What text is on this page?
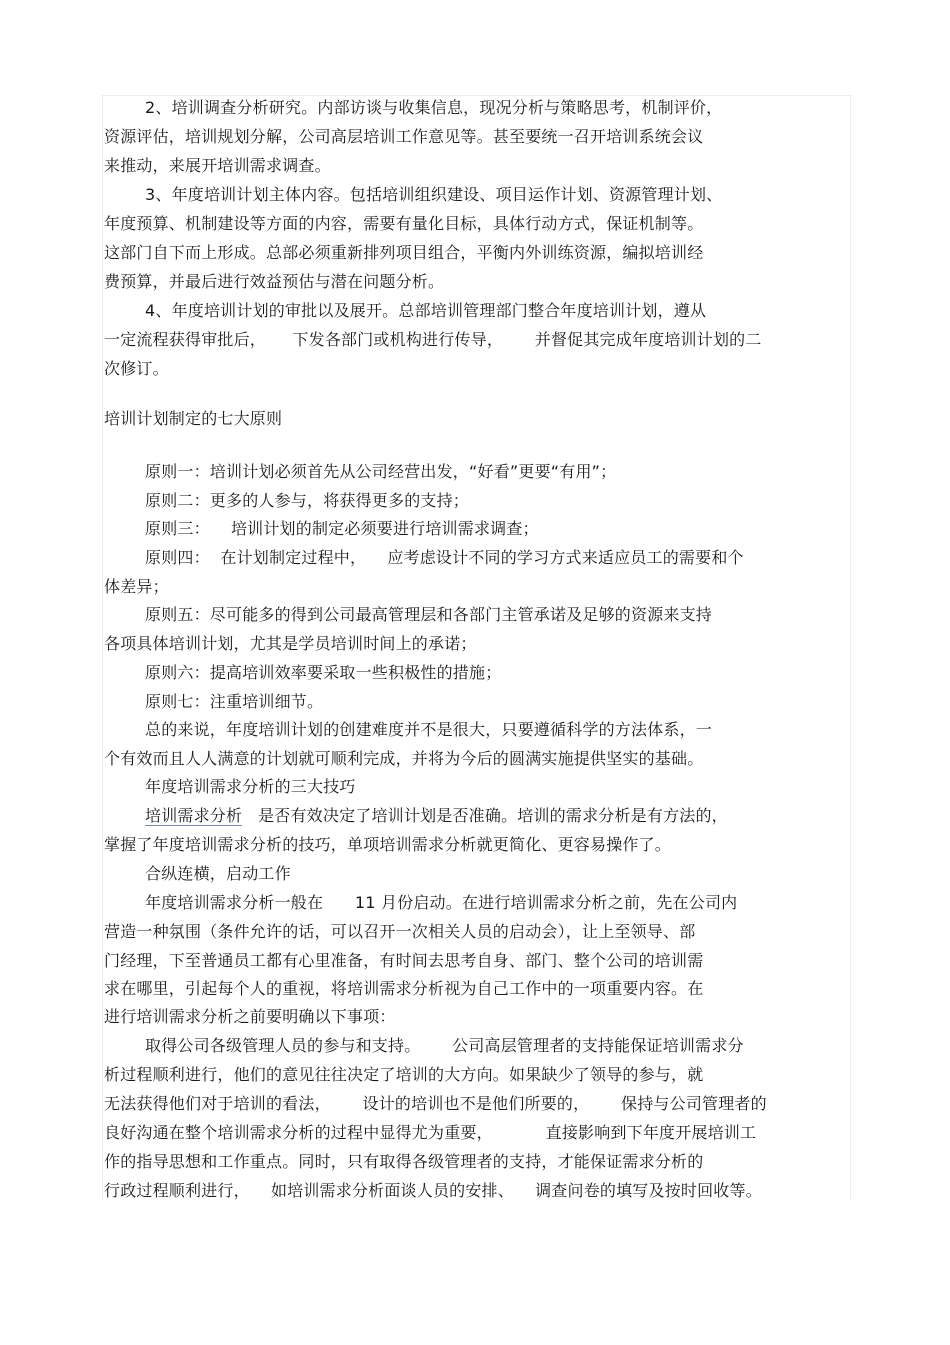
2、培训调查分析研究。内部访谈与收集信息，现况分析与策略思考，机制评价，
资源评估，培训规划分解，公司高层培训工作意见等。甚至要统一召开培训系统会议
来推动，来展开培训需求调查。
3、年度培训计划主体内容。包括培训组织建设、项目运作计划、资源管理计划、
年度预算、机制建设等方面的内容，需要有量化目标，具体行动方式，保证机制等。
这部门自下而上形成。总部必须重新排列项目组合，平衡内外训练资源，编拟培训经
费预算，并最后进行效益预估与潜在问题分析。
4、年度培训计划的审批以及展开。总部培训管理部门整合年度培训计划，遵从
一定流程获得审批后，     下发各部门或机构进行传导，      并督促其完成年度培训计划的二
次修订。
培训计划制定的七大原则
原则一：培训计划必须首先从公司经营出发，“好看”更要“有用”；
原则二：更多的人参与，将获得更多的支持；
原则三：    培训计划的制定必须要进行培训需求调查；
原则四：  在计划制定过程中，    应考虑设计不同的学习方式来适应员工的需要和个
体差异；
原则五：尽可能多的得到公司最高管理层和各部门主管承诺及足够的资源来支持
各项具体培训计划，尤其是学员培训时间上的承诺；
原则六：提高培训效率要采取一些积极性的措施；
原则七：注重培训细节。
总的来说，年度培训计划的创建难度并不是很大，只要遵循科学的方法体系，一
个有效而且人人满意的计划就可顺利完成，并将为今后的圆满实施提供坚实的基础。
年度培训需求分析的三大技巧
培训需求分析 是否有效决定了培训计划是否准确。培训的需求分析是有方法的，
掌握了年度培训需求分析的技巧，单项培训需求分析就更简化、更容易操作了。
合纵连横，启动工作
年度培训需求分析一般在      11 月份启动。在进行培训需求分析之前，先在公司内
营造一种氛围（条件允许的话，可以召开一次相关人员的启动会），让上至领导、部
门经理，下至普通员工都有心里准备，有时间去思考自身、部门、整个公司的培训需
求在哪里，引起每个人的重视，将培训需求分析视为自己工作中的一项重要内容。在
进行培训需求分析之前要明确以下事项：
取得公司各级管理人员的参与和支持。      公司高层管理者的支持能保证培训需求分
析过程顺利进行，他们的意见往往决定了培训的大方向。如果缺少了领导的参与，就
无法获得他们对于培训的看法，      设计的培训也不是他们所要的，      保持与公司管理者的
良好沟通在整个培训需求分析的过程中显得尤为重要，          直接影响到下年度开展培训工
作的指导思想和工作重点。同时，只有取得各级管理者的支持，才能保证需求分析的
行政过程顺利进行，    如培训需求分析面谈人员的安排、    调查问卷的填写及按时回收等。
